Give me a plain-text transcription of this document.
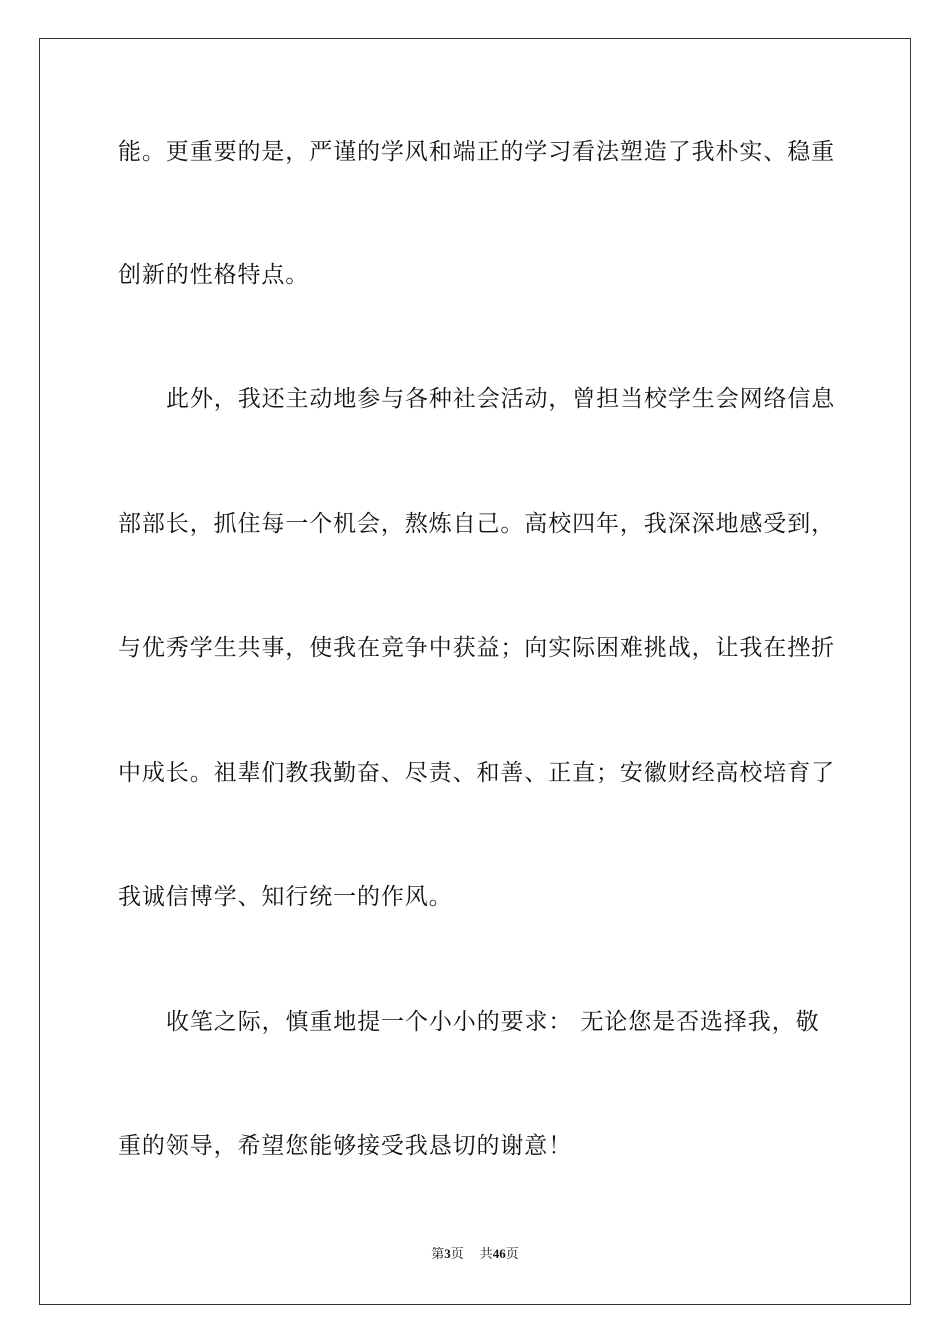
能。更重要的是，严谨的学风和端正的学习看法塑造了我朴实、稳重
创新的性格特点。
此外，我还主动地参与各种社会活动，曾担当校学生会网络信息
部部长，抓住每一个机会，熬炼自己。高校四年，我深深地感受到，
与优秀学生共事，使我在竞争中获益；向实际困难挑战，让我在挫折
中成长。祖辈们教我勤奋、尽责、和善、正直；安徽财经高校培育了
我诚信博学、知行统一的作风。
收笔之际，慎重地提一个小小的要求： 无论您是否选择我，敬
重的领导，希望您能够接受我恳切的谢意！
第3页 共46页
